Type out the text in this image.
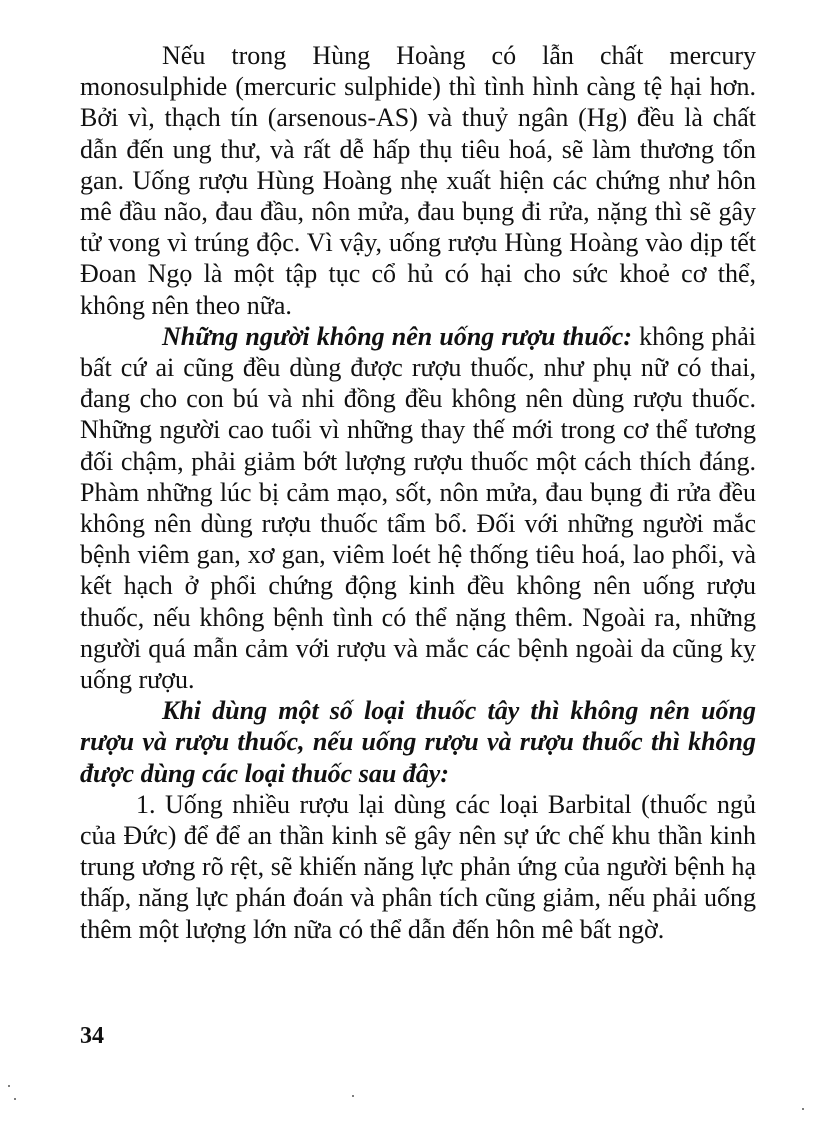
Nếu trong Hùng Hoàng có lẫn chất mercury monosulphide (mercuric sulphide) thì tình hình càng tệ hại hơn. Bởi vì, thạch tín (arsenous-AS) và thuỷ ngân (Hg) đều là chất dẫn đến ung thư, và rất dễ hấp thụ tiêu hoá, sẽ làm thương tổn gan. Uống rượu Hùng Hoàng nhẹ xuất hiện các chứng như hôn mê đầu não, đau đầu, nôn mửa, đau bụng đi rửa, nặng thì sẽ gây tử vong vì trúng độc. Vì vậy, uống rượu Hùng Hoàng vào dịp tết Đoan Ngọ là một tập tục cổ hủ có hại cho sức khoẻ cơ thể, không nên theo nữa.

Những người không nên uống rượu thuốc: không phải bất cứ ai cũng đều dùng được rượu thuốc, như phụ nữ có thai, đang cho con bú và nhi đồng đều không nên dùng rượu thuốc. Những người cao tuổi vì những thay thế mới trong cơ thể tương đối chậm, phải giảm bớt lượng rượu thuốc một cách thích đáng. Phàm những lúc bị cảm mạo, sốt, nôn mửa, đau bụng đi rửa đều không nên dùng rượu thuốc tẩm bổ. Đối với những người mắc bệnh viêm gan, xơ gan, viêm loét hệ thống tiêu hoá, lao phổi, và kết hạch ở phổi chứng động kinh đều không nên uống rượu thuốc, nếu không bệnh tình có thể nặng thêm. Ngoài ra, những người quá mẫn cảm với rượu và mắc các bệnh ngoài da cũng kỵ uống rượu.

Khi dùng một số loại thuốc tây thì không nên uống rượu và rượu thuốc, nếu uống rượu và rượu thuốc thì không được dùng các loại thuốc sau đây:

1. Uống nhiều rượu lại dùng các loại Barbital (thuốc ngủ của Đức) để để an thần kinh sẽ gây nên sự ức chế khu thần kinh trung ương rõ rệt, sẽ khiến năng lực phản ứng của người bệnh hạ thấp, năng lực phán đoán và phân tích cũng giảm, nếu phải uống thêm một lượng lớn nữa có thể dẫn đến hôn mê bất ngờ.

34
